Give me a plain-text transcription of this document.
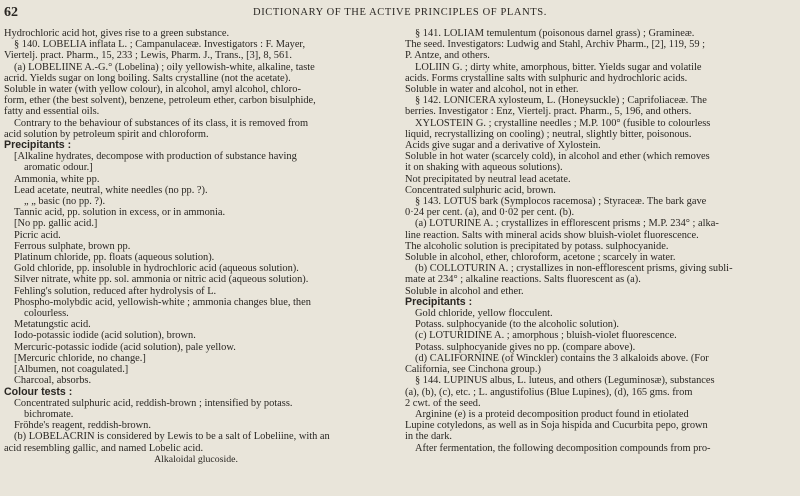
62	DICTIONARY OF THE ACTIVE PRINCIPLES OF PLANTS.

Hydrochloric acid hot, gives rise to a green substance.

§ 140. LOBELIA inflata L. ; Campanulaceæ. Investigators : F. Mayer,

Viertelj. pract. Pharm., 15, 233 ; Lewis, Pharm. J., Trans., [3], 8, 561.

(a) LOBELIINE A.-G.° (Lobelina) ; oily yellowish-white, alkaline, taste

acrid. Yields sugar on long boiling. Salts crystalline (not the acetate).

Soluble in water (with yellow colour), in alcohol, amyl alcohol, chloro-

form, ether (the best solvent), benzene, petroleum ether, carbon bisulphide,

fatty and essential oils.

Contrary to the behaviour of substances of its class, it is removed from

acid solution by petroleum spirit and chloroform.

Precipitants :

[Alkaline hydrates, decompose with production of substance having

aromatic odour.]

Ammonia, white pp.

Lead acetate, neutral, white needles (no pp. ?).

„ „ basic (no pp. ?).

Tannic acid, pp. solution in excess, or in ammonia.

[No pp. gallic acid.]

Picric acid.

Ferrous sulphate, brown pp.

Platinum chloride, pp. floats (aqueous solution).

Gold chloride, pp. insoluble in hydrochloric acid (aqueous solution).

Silver nitrate, white pp. sol. ammonia or nitric acid (aqueous solution).

Fehling's solution, reduced after hydrolysis of L.

Phospho-molybdic acid, yellowish-white ; ammonia changes blue, then

colourless.

Metatungstic acid.

Iodo-potassic iodide (acid solution), brown.

Mercuric-potassic iodide (acid solution), pale yellow.

[Mercuric chloride, no change.]

[Albumen, not coagulated.]

Charcoal, absorbs.

Colour tests :

Concentrated sulphuric acid, reddish-brown ; intensified by potass.

bichromate.

Fröhde's reagent, reddish-brown.

(b) LOBELACRIN is considered by Lewis to be a salt of Lobeliine, with an

acid resembling gallic, and named Lobelic acid.

Alkaloidal glucoside.

§ 141. LOLIAM temulentum (poisonous darnel grass) ; Gramineæ.

The seed. Investigators: Ludwig and Stahl, Archiv Pharm., [2], 119, 59 ;

P. Antze, and others.

LOLIIN G. ; dirty white, amorphous, bitter. Yields sugar and volatile

acids. Forms crystalline salts with sulphuric and hydrochloric acids.

Soluble in water and alcohol, not in ether.

§ 142. LONICERA xylosteum, L. (Honeysuckle) ; Caprifoliaceæ. The

berries. Investigator : Enz, Viertelj. pract. Pharm., 5, 196, and others.

XYLOSTEIN G. ; crystalline needles ; M.P. 100° (fusible to colourless

liquid, recrystallizing on cooling) ; neutral, slightly bitter, poisonous.

Acids give sugar and a derivative of Xylostein.

Soluble in hot water (scarcely cold), in alcohol and ether (which removes

it on shaking with aqueous solutions).

Not precipitated by neutral lead acetate.

Concentrated sulphuric acid, brown.

§ 143. LOTUS bark (Symplocos racemosa) ; Styraceæ. The bark gave

0·24 per cent. (a), and 0·02 per cent. (b).

(a) LOTURINE A. ; crystallizes in efflorescent prisms ; M.P. 234° ; alka-

line reaction. Salts with mineral acids show bluish-violet fluorescence.

The alcoholic solution is precipitated by potass. sulphocyanide.

Soluble in alcohol, ether, chloroform, acetone ; scarcely in water.

(b) COLLOTURIN A. ; crystallizes in non-efflorescent prisms, giving subli-

mate at 234° ; alkaline reactions. Salts fluorescent as (a).

Soluble in alcohol and ether.

Precipitants :

Gold chloride, yellow flocculent.

Potass. sulphocyanide (to the alcoholic solution).

(c) LOTURIDINE A. ; amorphous ; bluish-violet fluorescence.

Potass. sulphocyanide gives no pp. (compare above).

(d) CALIFORNINE (of Winckler) contains the 3 alkaloids above. (For

California, see Cinchona group.)

§ 144. LUPINUS albus, L. luteus, and others (Leguminosæ), substances

(a), (b), (c), etc. ; L. angustifolius (Blue Lupines), (d), 165 gms. from

2 cwt. of the seed.

Arginine (e) is a proteid decomposition product found in etiolated

Lupine cotyledons, as well as in Soja hispida and Cucurbita pepo, grown

in the dark.

After fermentation, the following decomposition compounds from pro-
